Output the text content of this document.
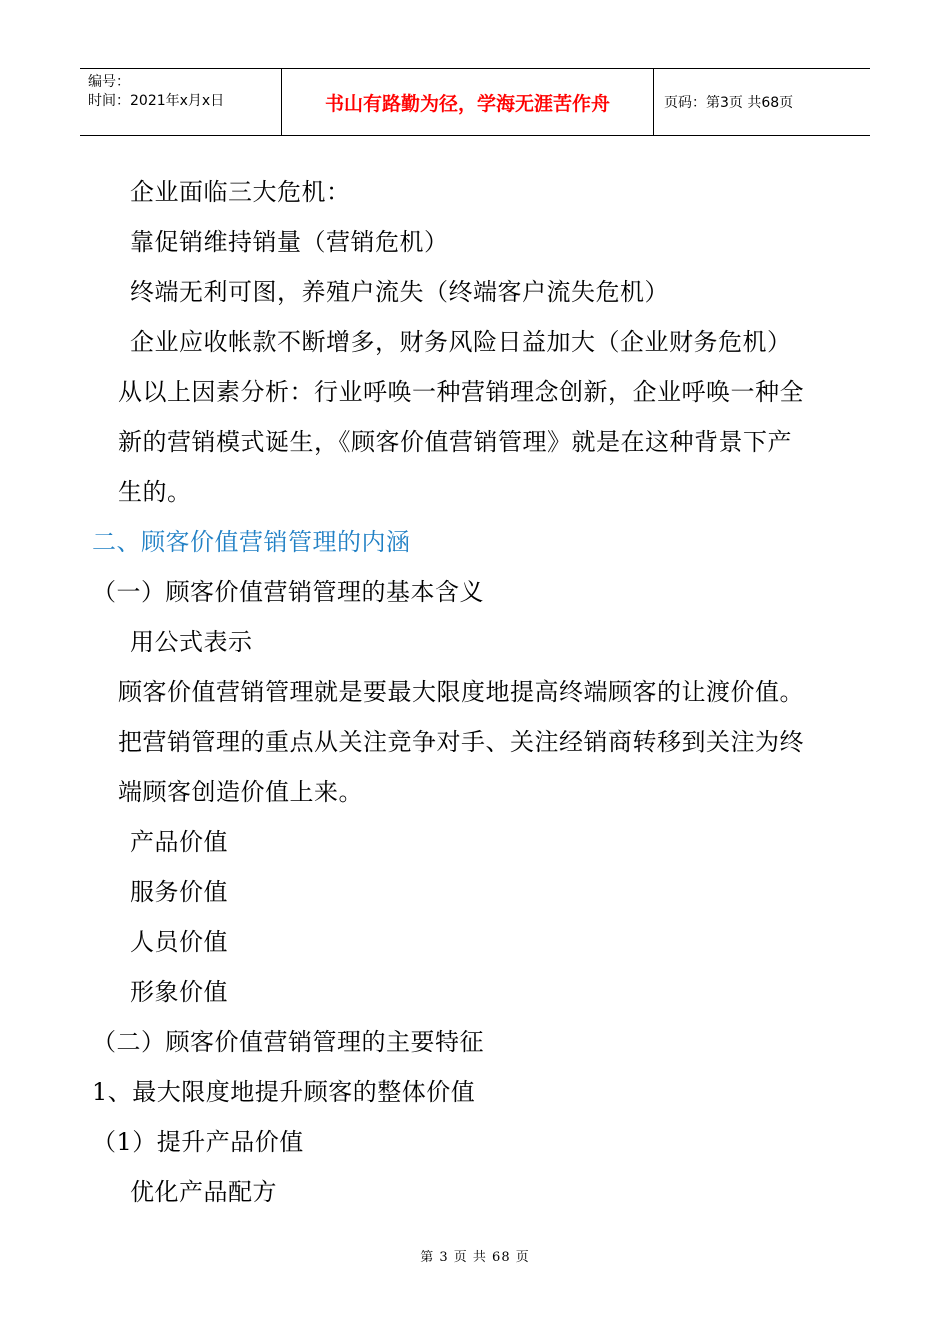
编号：
时间：2021年x月x日	书山有路勤为径，学海无涯苦作舟	页码：第3页 共68页
企业面临三大危机：
靠促销维持销量（营销危机）
终端无利可图，养殖户流失（终端客户流失危机）
企业应收帐款不断增多，财务风险日益加大（企业财务危机）
从以上因素分析：行业呼唤一种营销理念创新，企业呼唤一种全
新的营销模式诞生，《顾客价值营销管理》就是在这种背景下产
生的。
二、顾客价值营销管理的内涵
（一）顾客价值营销管理的基本含义
用公式表示
顾客价值营销管理就是要最大限度地提高终端顾客的让渡价值。
把营销管理的重点从关注竞争对手、关注经销商转移到关注为终
端顾客创造价值上来。
产品价值
服务价值
人员价值
形象价值
（二）顾客价值营销管理的主要特征
1、最大限度地提升顾客的整体价值
（1）提升产品价值
优化产品配方
第 3 页 共 68 页
